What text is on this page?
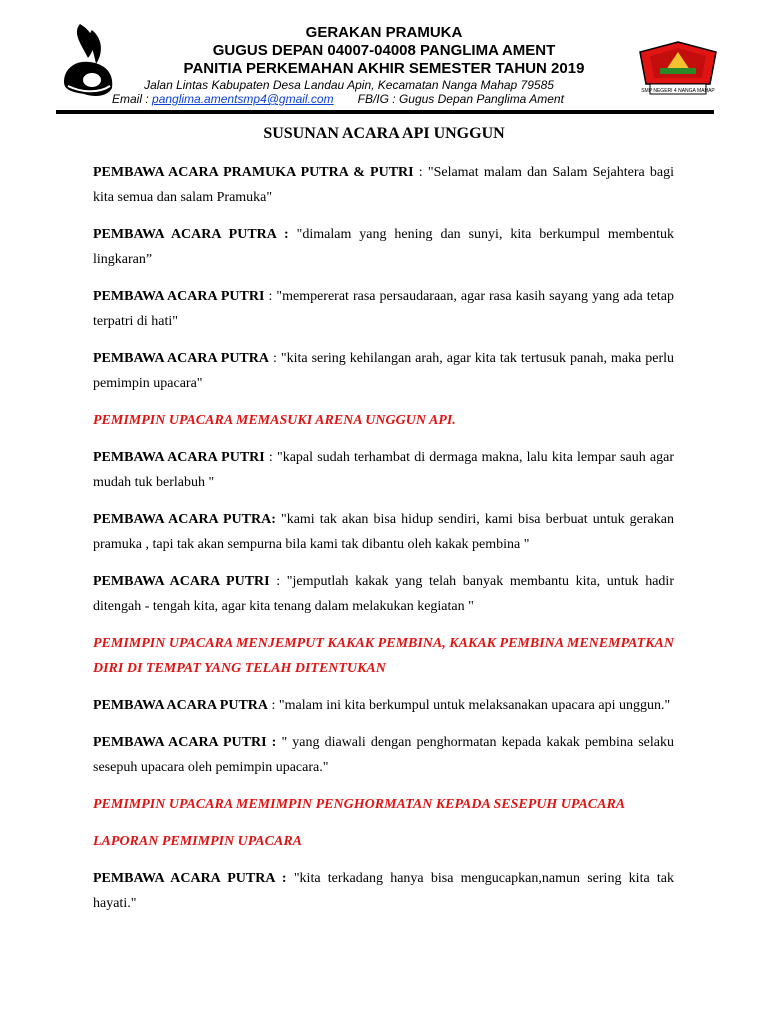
GERAKAN PRAMUKA
GUGUS DEPAN 04007-04008 PANGLIMA AMENT
PANITIA PERKEMAHAN AKHIR SEMESTER TAHUN 2019
Jalan Lintas Kabupaten Desa Landau Apin, Kecamatan Nanga Mahap 79585
Email : panglima.amentsmp4@gmail.com FB/IG : Gugus Depan Panglima Ament
SMP NEGERI 4 NANGA MAHAP
SUSUNAN ACARA API UNGGUN

PEMBAWA ACARA PRAMUKA PUTRA & PUTRI : "Selamat malam dan Salam Sejahtera bagi kita semua dan salam Pramuka"

PEMBAWA ACARA PUTRA : "dimalam yang hening dan sunyi, kita berkumpul membentuk lingkaran”

PEMBAWA ACARA PUTRI : "mempererat rasa persaudaraan, agar rasa kasih sayang yang ada tetap terpatri di hati"

PEMBAWA ACARA PUTRA : "kita sering kehilangan arah, agar kita tak tertusuk panah, maka perlu pemimpin upacara"

PEMIMPIN UPACARA MEMASUKI ARENA UNGGUN API.

PEMBAWA ACARA PUTRI : "kapal sudah terhambat di dermaga makna, lalu kita lempar sauh agar mudah tuk berlabuh "

PEMBAWA ACARA PUTRA: "kami tak akan bisa hidup sendiri, kami bisa berbuat untuk gerakan pramuka , tapi tak akan sempurna bila kami tak dibantu oleh kakak pembina "

PEMBAWA ACARA PUTRI : "jemputlah kakak yang telah banyak membantu kita, untuk hadir ditengah - tengah kita, agar kita tenang dalam melakukan kegiatan "

PEMIMPIN UPACARA MENJEMPUT KAKAK PEMBINA, KAKAK PEMBINA MENEMPATKAN DIRI DI TEMPAT YANG TELAH DITENTUKAN

PEMBAWA ACARA PUTRA : "malam ini kita berkumpul untuk melaksanakan upacara api unggun."

PEMBAWA ACARA PUTRI : " yang diawali dengan penghormatan kepada kakak pembina selaku sesepuh upacara oleh pemimpin upacara."

PEMIMPIN UPACARA MEMIMPIN PENGHORMATAN KEPADA SESEPUH UPACARA

LAPORAN PEMIMPIN UPACARA

PEMBAWA ACARA PUTRA : "kita terkadang hanya bisa mengucapkan,namun sering kita tak hayati."
